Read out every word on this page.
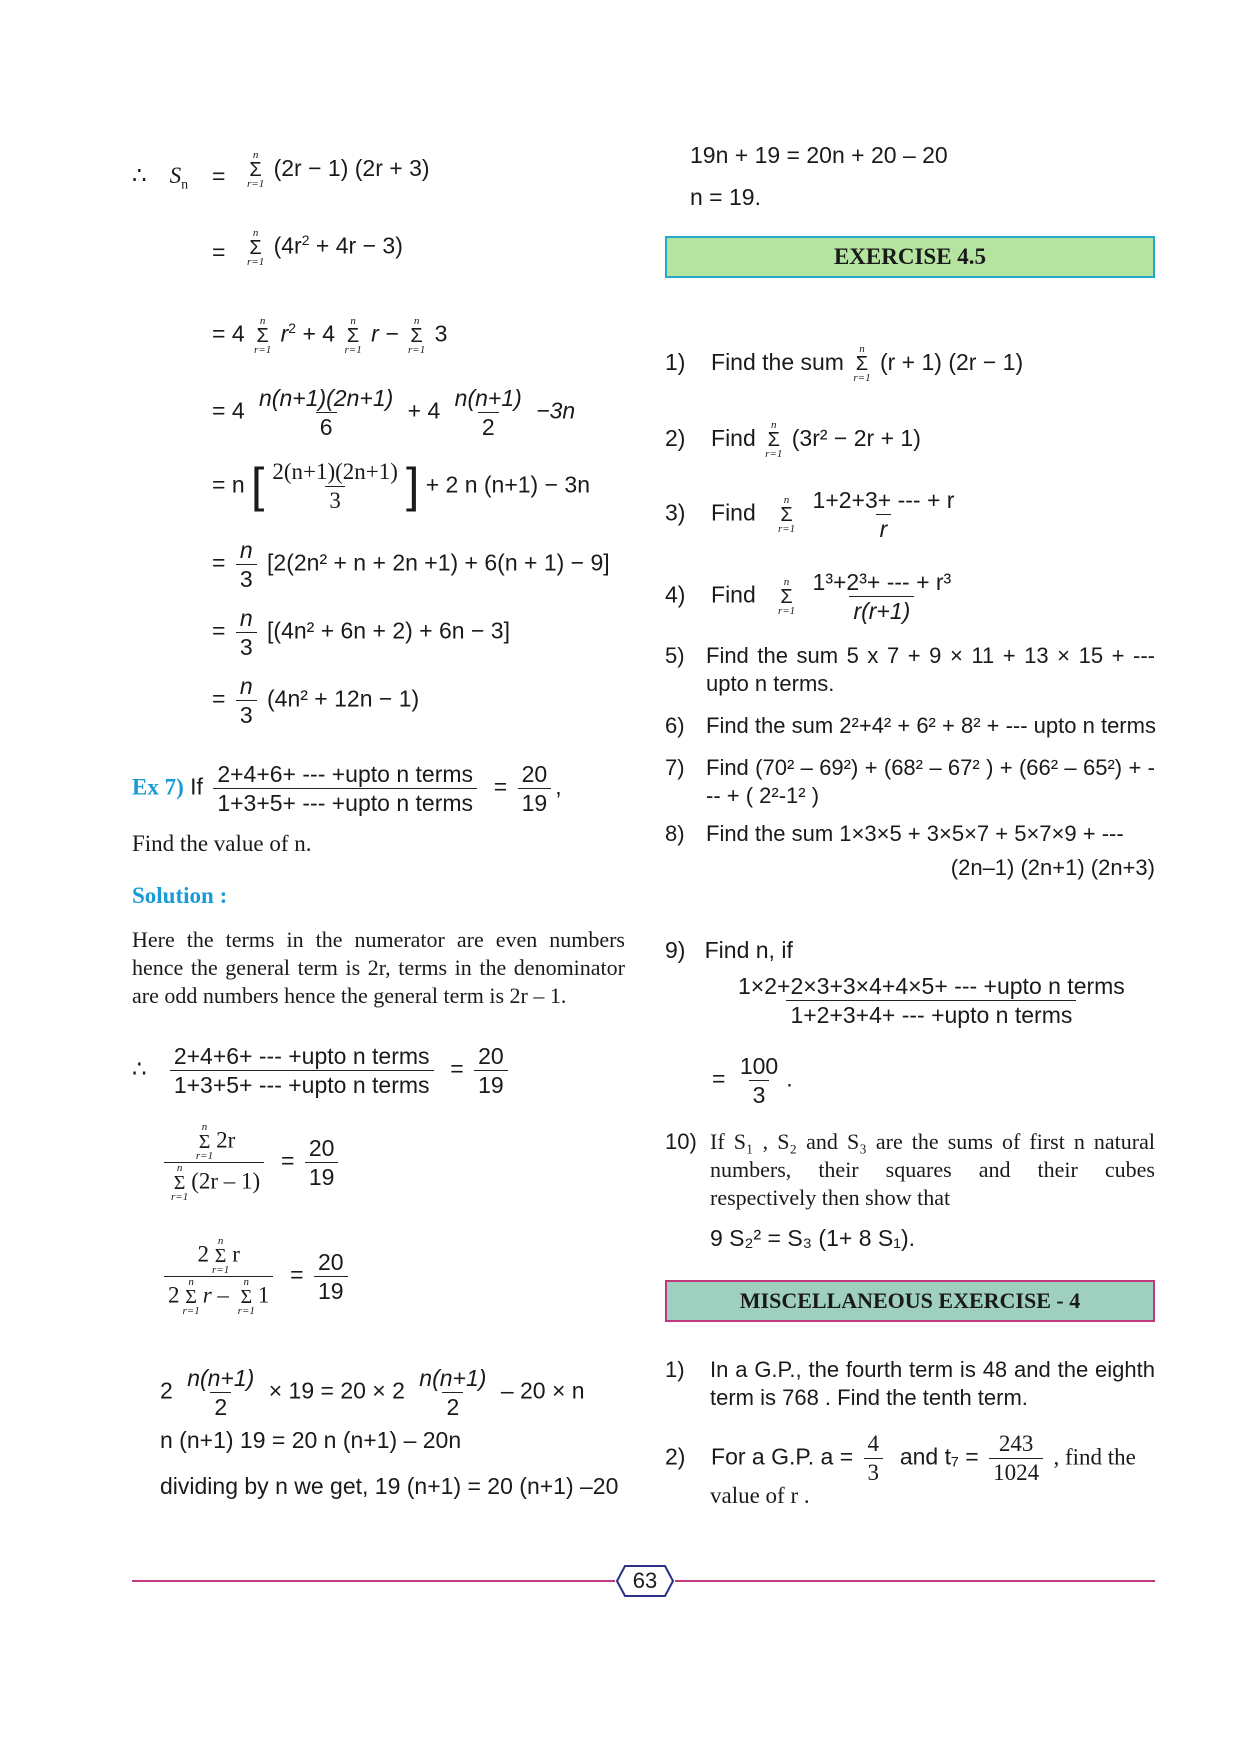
∴ $S_n$ =
n
Σ
r=1
(2r − 1) (2r + 3)
=
n
Σ
r=1
$(4r^2 + 4r - 3)$
= 4
n
Σ
r=1
$r^2 + 4$
n
Σ
r=1
r −
n
Σ
r=1
3
= $4 \frac{n(n+1)(2n+1)}{6} + 4 \frac{n(n+1)}{2} -3n$
= n [ $\frac{2(n+1)(2n+1)}{3}$ ] + 2 n (n+1) − 3n
= $\frac{n}{3} [2(2n^2 + n + 2n +1) + 6(n + 1) - 9]$
= $\frac{n}{3} [(4n^2 + 6n + 2) + 6n - 3]$
= $\frac{n}{3} (4n^2 + 12n - 1)$
Ex 7) If $\frac{\text{2+4+6+ --- +upto n terms}}{\text{1+3+5+ --- +upto n terms}} = \frac{20}{19}$ ,
Find the value of n.
Solution :
Here the terms in the numerator are even numbers hence the general term is 2r, terms in the denominator are odd numbers hence the general term is 2r – 1.
∴ $\frac{\text{2+4+6+ --- +upto n terms}}{\text{1+3+5+ --- +upto n terms}} = \frac{20}{19}$
n
Σ
r=1
2r
n
Σ
r=1
$(2r - 1) = \frac{20}{19}$
2
n
Σ
r=1
r
2
n
Σ
r=1
r –
n
Σ
r=1
$1 = \frac{20}{19}$
$2 \frac{n(n+1)}{2} \times 19 = 20 \times 2 \frac{n(n+1)}{2} - 20 \times n$
n (n+1) 19 = 20 n (n+1) – 20n
dividing by n we get, 19 (n+1) = 20 (n+1) –20
19n + 19 = 20n + 20 – 20
n = 19.
EXERCISE 4.5
1) Find the sum
n
Σ
r=1
(r + 1) (2r − 1)
2) Find
n
Σ
r=1
(3r² − 2r + 1)
3) Find
n
Σ
r=1
$\frac{1+2+3+ --- + r}{r}$
4) Find
n
Σ
r=1
$\frac{\text{1³+2³+ --- + r³}}{r(r+1)}$
5) Find the sum 5 x 7 + 9 × 11 + 13 × 15 + --- upto n terms.
6) Find the sum 2²+4² + 6² + 8² + --- upto n terms
7) Find (70² – 69²) + (68² – 67² ) + (66² – 65²) + --- + ( 2²-1² )
8) Find the sum 1×3×5 + 3×5×7 + 5×7×9 + ---
(2n–1) (2n+1) (2n+3)
9) Find n, if
$\frac{\text{1×2+2×3+3×4+4×5+ --- +upto n terms}}{\text{1+2+3+4+ --- +upto n terms}}$
= $\frac{100}{3}$ .
10) If S₁ , S₂ and S₃ are the sums of first n natural numbers, their squares and their cubes respectively then show that
9 S₂² = S₃ (1+ 8 S₁).
MISCELLANEOUS EXERCISE - 4
1) In a G.P., the fourth term is 48 and the eighth term is 768 . Find the tenth term.
2) For a G.P. $a = \frac{4}{3}$ and $t_7 = \frac{243}{1024}$ , find the
value of r .
63
